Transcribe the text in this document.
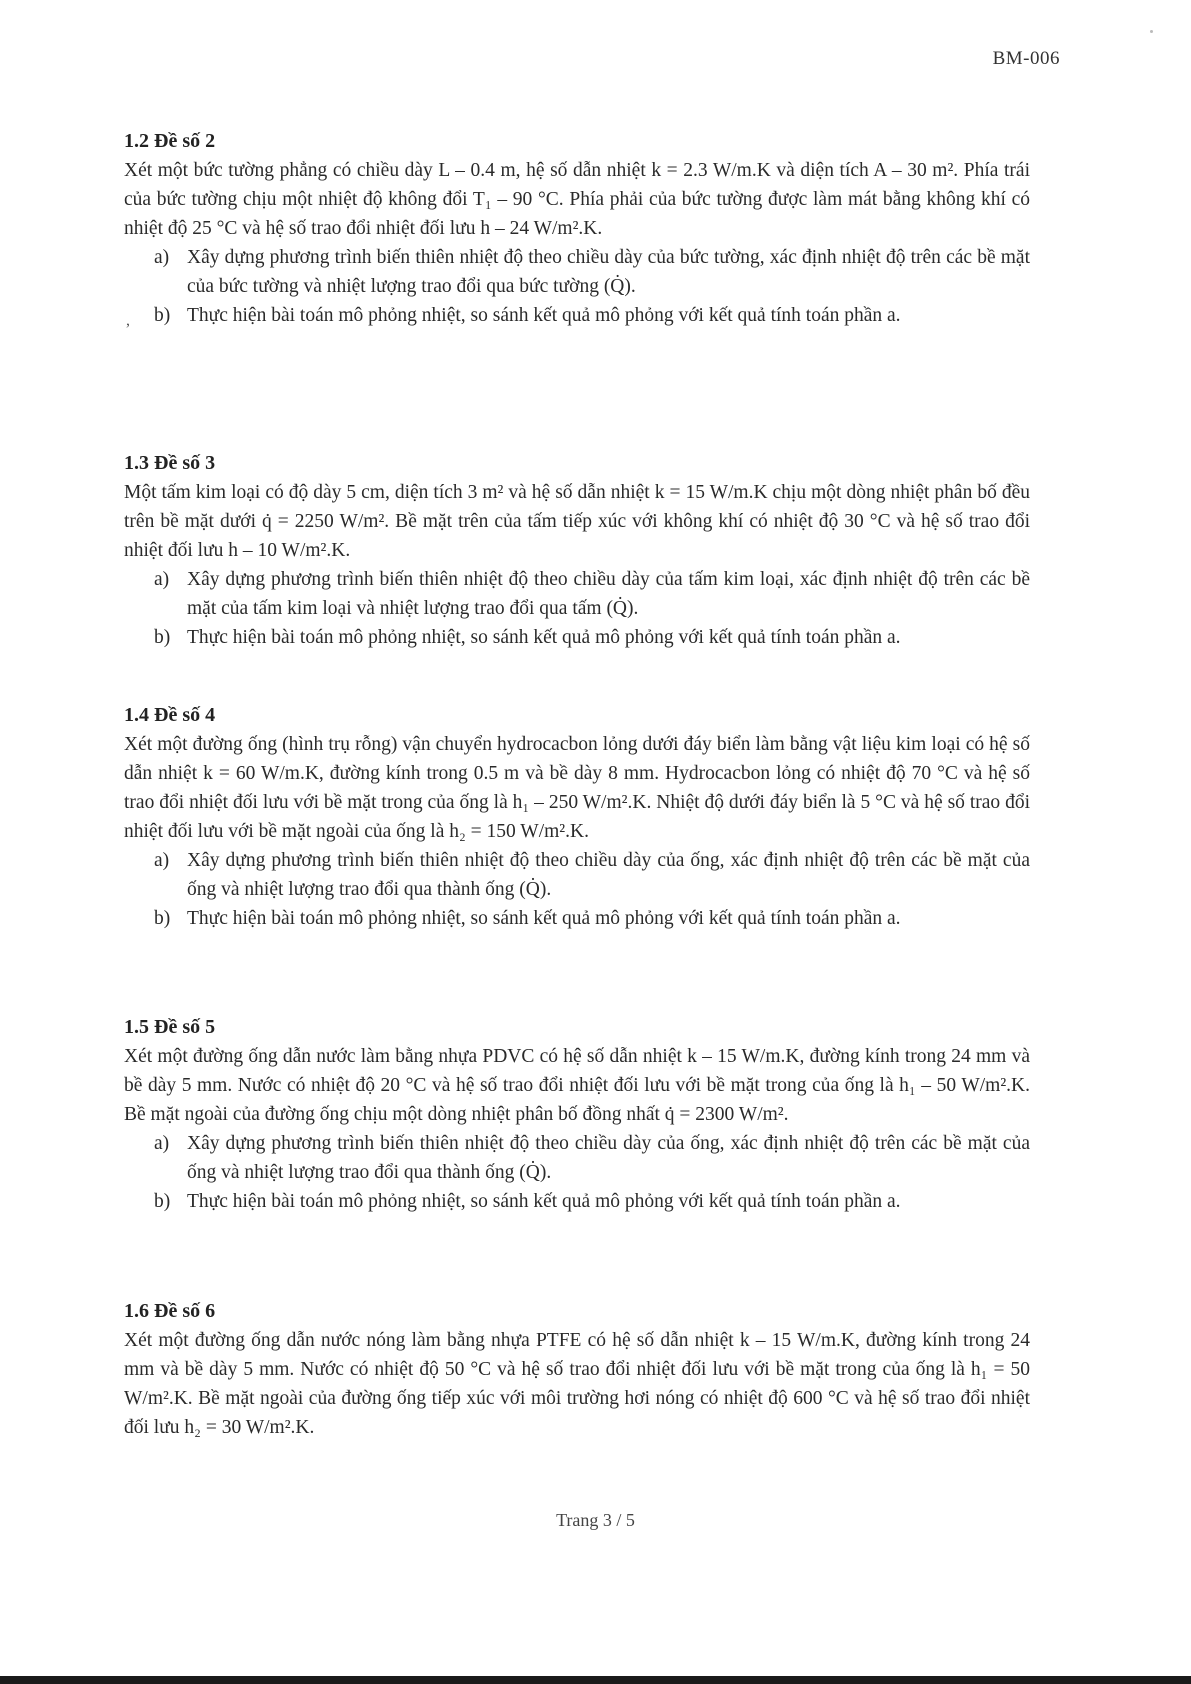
BM-006

1.2 Đề số 2

Xét một bức tường phẳng có chiều dày L – 0.4 m, hệ số dẫn nhiệt k = 2.3 W/m.K và diện tích A – 30 m². Phía trái của bức tường chịu một nhiệt độ không đổi T₁ – 90 °C. Phía phải của bức tường được làm mát bằng không khí có nhiệt độ 25 °C và hệ số trao đổi nhiệt đối lưu h – 24 W/m².K.

a) Xây dựng phương trình biến thiên nhiệt độ theo chiều dày của bức tường, xác định nhiệt độ trên các bề mặt của bức tường và nhiệt lượng trao đổi qua bức tường (Q̇).

b) Thực hiện bài toán mô phỏng nhiệt, so sánh kết quả mô phỏng với kết quả tính toán phần a.

1.3 Đề số 3

Một tấm kim loại có độ dày 5 cm, diện tích 3 m² và hệ số dẫn nhiệt k = 15 W/m.K chịu một dòng nhiệt phân bố đều trên bề mặt dưới q̇ = 2250 W/m². Bề mặt trên của tấm tiếp xúc với không khí có nhiệt độ 30 °C và hệ số trao đổi nhiệt đối lưu h – 10 W/m².K.

a) Xây dựng phương trình biến thiên nhiệt độ theo chiều dày của tấm kim loại, xác định nhiệt độ trên các bề mặt của tấm kim loại và nhiệt lượng trao đổi qua tấm (Q̇).

b) Thực hiện bài toán mô phỏng nhiệt, so sánh kết quả mô phỏng với kết quả tính toán phần a.

1.4 Đề số 4

Xét một đường ống (hình trụ rỗng) vận chuyển hydrocacbon lỏng dưới đáy biển làm bằng vật liệu kim loại có hệ số dẫn nhiệt k = 60 W/m.K, đường kính trong 0.5 m và bề dày 8 mm. Hydrocacbon lỏng có nhiệt độ 70 °C và hệ số trao đổi nhiệt đối lưu với bề mặt trong của ống là h₁ – 250 W/m².K. Nhiệt độ dưới đáy biển là 5 °C và hệ số trao đổi nhiệt đối lưu với bề mặt ngoài của ống là h₂ = 150 W/m².K.

a) Xây dựng phương trình biến thiên nhiệt độ theo chiều dày của ống, xác định nhiệt độ trên các bề mặt của ống và nhiệt lượng trao đổi qua thành ống (Q̇).

b) Thực hiện bài toán mô phỏng nhiệt, so sánh kết quả mô phỏng với kết quả tính toán phần a.

1.5 Đề số 5

Xét một đường ống dẫn nước làm bằng nhựa PDVC có hệ số dẫn nhiệt k – 15 W/m.K, đường kính trong 24 mm và bề dày 5 mm. Nước có nhiệt độ 20 °C và hệ số trao đổi nhiệt đối lưu với bề mặt trong của ống là h₁ – 50 W/m².K. Bề mặt ngoài của đường ống chịu một dòng nhiệt phân bố đồng nhất q̇ = 2300 W/m².

a) Xây dựng phương trình biến thiên nhiệt độ theo chiều dày của ống, xác định nhiệt độ trên các bề mặt của ống và nhiệt lượng trao đổi qua thành ống (Q̇).

b) Thực hiện bài toán mô phỏng nhiệt, so sánh kết quả mô phỏng với kết quả tính toán phần a.

1.6 Đề số 6

Xét một đường ống dẫn nước nóng làm bằng nhựa PTFE có hệ số dẫn nhiệt k – 15 W/m.K, đường kính trong 24 mm và bề dày 5 mm. Nước có nhiệt độ 50 °C và hệ số trao đổi nhiệt đối lưu với bề mặt trong của ống là h₁ = 50 W/m².K. Bề mặt ngoài của đường ống tiếp xúc với môi trường hơi nóng có nhiệt độ 600 °C và hệ số trao đổi nhiệt đối lưu h₂ = 30 W/m².K.

,
Trang 3 / 5
